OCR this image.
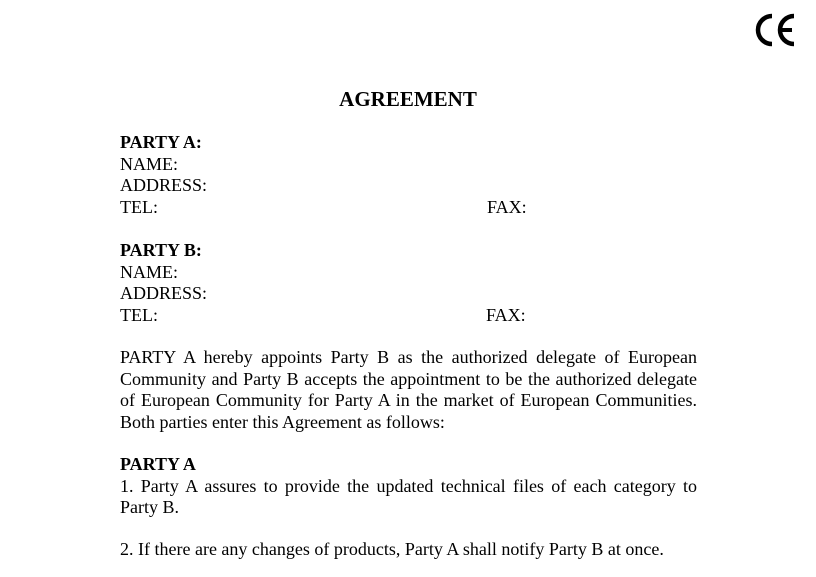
AGREEMENT
PARTY A:
NAME:
ADDRESS:
TEL:	FAX:
PARTY B:
NAME:
ADDRESS:
TEL:	FAX:
PARTY A hereby appoints Party B as the authorized delegate of European Community and Party B accepts the appointment to be the authorized delegate of European Community for Party A in the market of European Communities. Both parties enter this Agreement as follows:
PARTY A
1. Party A assures to provide the updated technical files of each category to Party B.
2. If there are any changes of products, Party A shall notify Party B at once.
